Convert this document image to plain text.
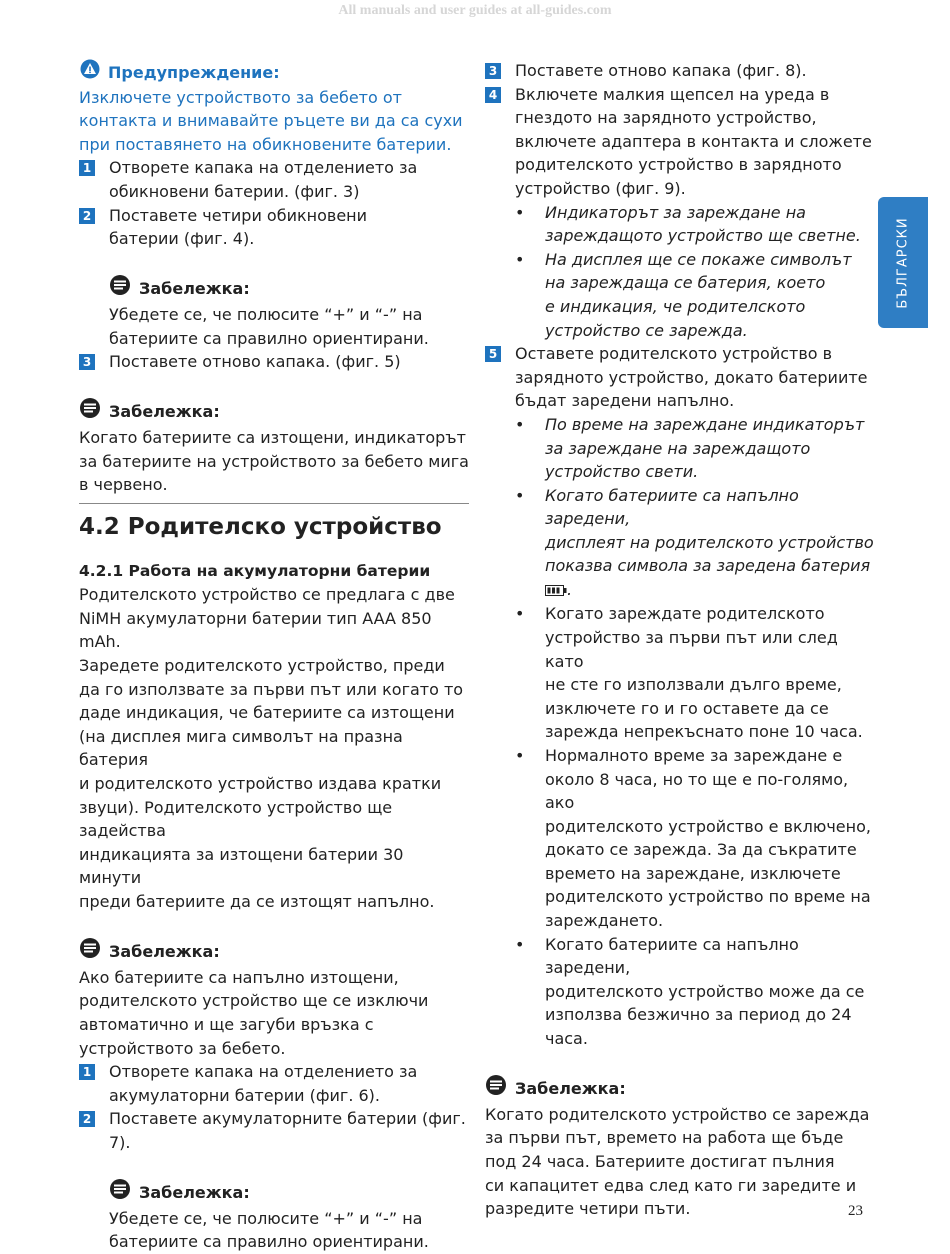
All manuals and user guides at all-guides.com
Предупреждение:
Изключете устройството за бебето от
контакта и внимавайте ръцете ви да са сухи
при поставянето на обикновените батерии.
1 Отворете капака на отделението за
обикновени батерии. (фиг. 3)
2 Поставете четири обикновени
батерии (фиг. 4).
Забележка:
Убедете се, че полюсите “+” и “-” на
батериите са правилно ориентирани.
3 Поставете отново капака. (фиг. 5)
Забележка:
Когато батериите са изтощени, индикаторът
за батериите на устройството за бебето мига
в червено.
4.2 Родителско устройство
4.2.1 Работа на акумулаторни батерии
Родителското устройство се предлага с две
NiMH акумулаторни батерии тип AAA 850
mAh.
Заредете родителското устройство, преди
да го използвате за първи път или когато то
даде индикация, че батериите са изтощени
(на дисплея мига символът на празна батерия
и родителското устройство издава кратки
звуци). Родителското устройство ще задейства
индикацията за изтощени батерии 30 минути
преди батериите да се изтощят напълно.
Забележка:
Ако батериите са напълно изтощени,
родителското устройство ще се изключи
автоматично и ще загуби връзка с
устройството за бебето.
1 Отворете капака на отделението за
акумулаторни батерии (фиг. 6).
2 Поставете акумулаторните батерии (фиг. 7).
Забележка:
Убедете се, че полюсите “+” и “-” на
батериите са правилно ориентирани.
3 Поставете отново капака (фиг. 8).
4 Включете малкия щепсел на уреда в
гнездото на зарядното устройство,
включете адаптера в контакта и сложете
родителското устройство в зарядното
устройство (фиг. 9).
• Индикаторът за зареждане на
зареждащото устройство ще светне.
• На дисплея ще се покаже символът
на зареждаща се батерия, което
е индикация, че родителското
устройство се зарежда.
5 Оставете родителското устройство в
зарядното устройство, докато батериите
бъдат заредени напълно.
• По време на зареждане индикаторът
за зареждане на зареждащото
устройство свети.
• Когато батериите са напълно заредени,
дисплеят на родителското устройство
показва символа за заредена батерия
.
• Когато зареждате родителското
устройство за първи път или след като
не сте го използвали дълго време,
изключете го и го оставете да се
зарежда непрекъснато поне 10 часа.
• Нормалното време за зареждане е
около 8 часа, но то ще е по-голямо, ако
родителското устройство е включено,
докато се зарежда. За да съкратите
времето на зареждане, изключете
родителското устройство по време на
зареждането.
• Когато батериите са напълно заредени,
родителското устройство може да се
използва безжично за период до 24
часа.
Забележка:
Когато родителското устройство се зарежда
за първи път, времето на работа ще бъде
под 24 часа. Батериите достигат пълния
си капацитет едва след като ги заредите и
разредите четири пъти.
БЪЛГАРСКИ
23
